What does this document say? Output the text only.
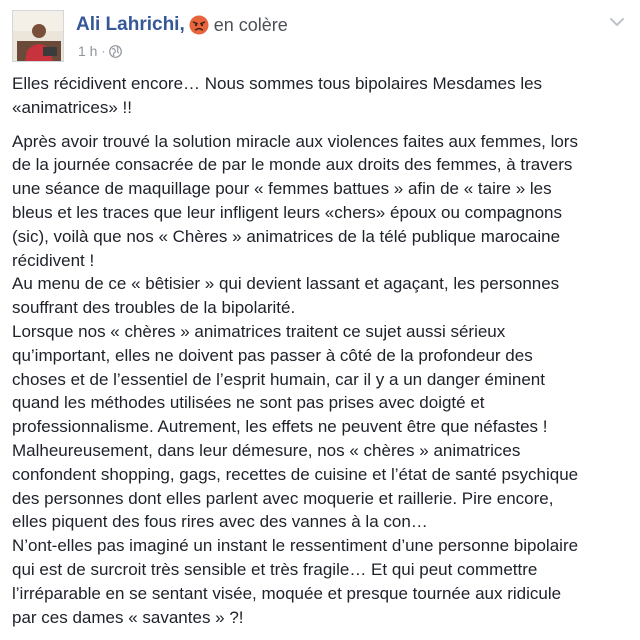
Ali Lahrichi , en colère
1 h ·

Elles récidivent encore… Nous sommes tous bipolaires Mesdames les
«animatrices» !!

Après avoir trouvé la solution miracle aux violences faites aux femmes, lors
de la journée consacrée de par le monde aux droits des femmes, à travers
une séance de maquillage pour « femmes battues » afin de « taire » les
bleus et les traces que leur infligent leurs «chers» époux ou compagnons
(sic), voilà que nos « Chères » animatrices de la télé publique marocaine
récidivent !
Au menu de ce « bêtisier » qui devient lassant et agaçant, les personnes
souffrant des troubles de la bipolarité.
Lorsque nos « chères » animatrices traitent ce sujet aussi sérieux
qu’important, elles ne doivent pas passer à côté de la profondeur des
choses et de l’essentiel de l’esprit humain, car il y a un danger éminent
quand les méthodes utilisées ne sont pas prises avec doigté et
professionnalisme. Autrement, les effets ne peuvent être que néfastes !
Malheureusement, dans leur démesure, nos « chères » animatrices
confondent shopping, gags, recettes de cuisine et l’état de santé psychique
des personnes dont elles parlent avec moquerie et raillerie. Pire encore,
elles piquent des fous rires avec des vannes à la con…
N’ont-elles pas imaginé un instant le ressentiment d’une personne bipolaire
qui est de surcroit très sensible et très fragile… Et qui peut commettre
l’irréparable en se sentant visée, moquée et presque tournée aux ridicule
par ces dames « savantes » ?!
